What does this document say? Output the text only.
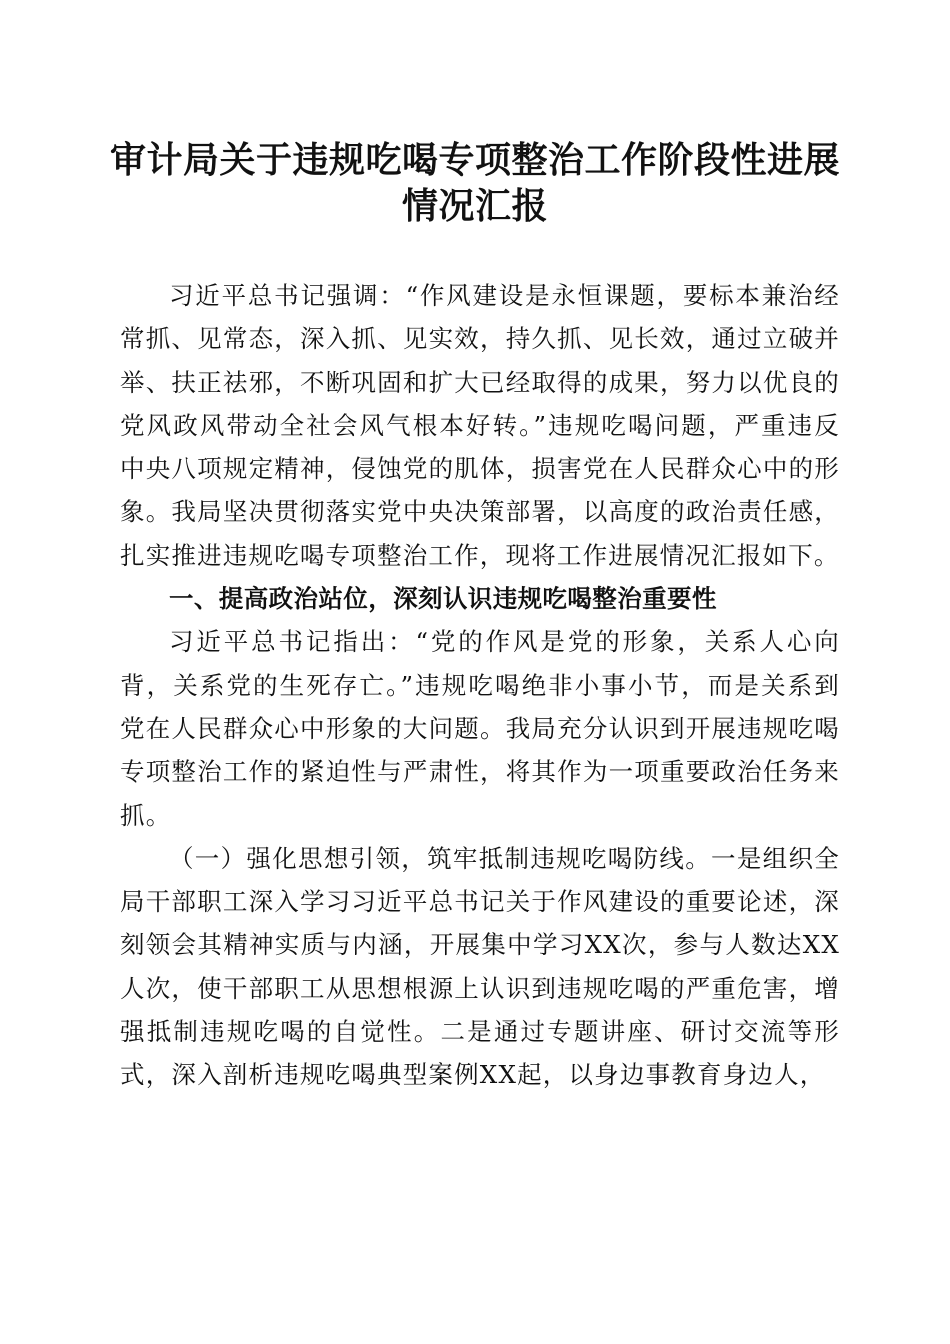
审计局关于违规吃喝专项整治工作阶段性进展
情况汇报

习近平总书记强调：“作风建设是永恒课题，要标本兼治经常抓、见常态，深入抓、见实效，持久抓、见长效，通过立破并举、扶正祛邪，不断巩固和扩大已经取得的成果，努力以优良的党风政风带动全社会风气根本好转。”违规吃喝问题，严重违反中央八项规定精神，侵蚀党的肌体，损害党在人民群众心中的形象。我局坚决贯彻落实党中央决策部署，以高度的政治责任感，扎实推进违规吃喝专项整治工作，现将工作进展情况汇报如下。

一、提高政治站位，深刻认识违规吃喝整治重要性

习近平总书记指出：“党的作风是党的形象，关系人心向背，关系党的生死存亡。”违规吃喝绝非小事小节，而是关系到党在人民群众心中形象的大问题。我局充分认识到开展违规吃喝专项整治工作的紧迫性与严肃性，将其作为一项重要政治任务来抓。

（一）强化思想引领，筑牢抵制违规吃喝防线。一是组织全局干部职工深入学习习近平总书记关于作风建设的重要论述，深刻领会其精神实质与内涵，开展集中学习XX次，参与人数达XX人次，使干部职工从思想根源上认识到违规吃喝的严重危害，增强抵制违规吃喝的自觉性。二是通过专题讲座、研讨交流等形式，深入剖析违规吃喝典型案例XX起，以身边事教育身边人，
